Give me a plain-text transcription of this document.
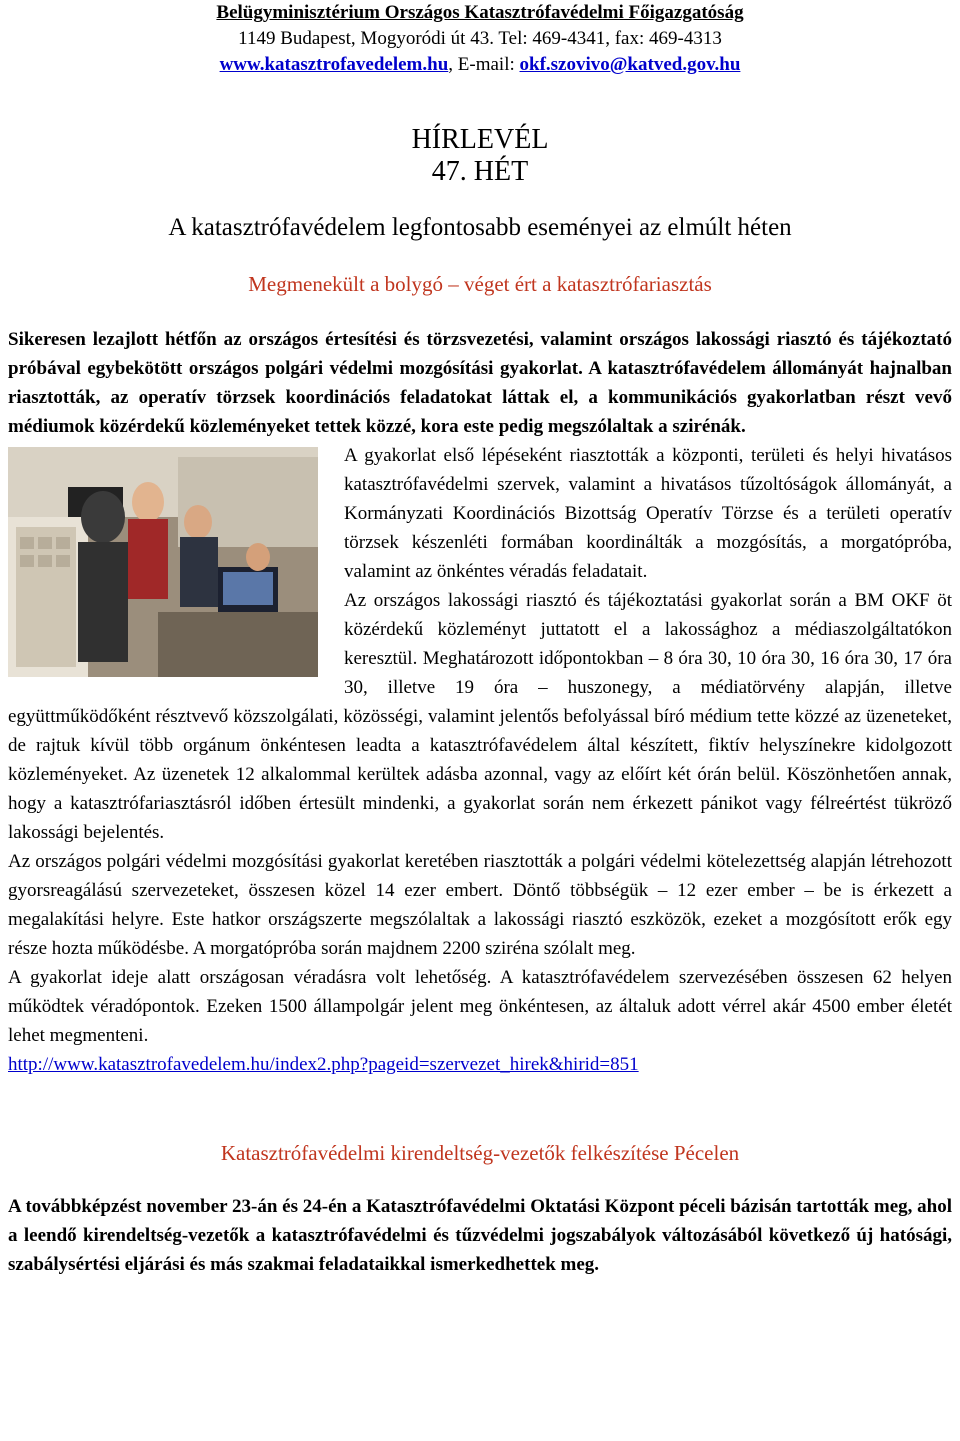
Belügyminisztérium Országos Katasztrófavédelmi Főigazgatóság
1149 Budapest, Mogyoródi út 43. Tel: 469-4341, fax: 469-4313
www.katasztrofavedelem.hu, E-mail: okf.szovivo@katved.gov.hu
HÍRLEVÉL
47. HÉT
A katasztrófavédelem legfontosabb eseményei az elmúlt héten
Megmenekült a bolygó – véget ért a katasztrófariasztás

Sikeresen lezajlott hétfőn az országos értesítési és törzsvezetési, valamint országos lakossági riasztó és tájékoztató próbával egybekötött országos polgári védelmi mozgósítási gyakorlat. A katasztrófavédelem állományát hajnalban riasztották, az operatív törzsek koordinációs feladatokat láttak el, a kommunikációs gyakorlatban részt vevő médiumok közérdekű közleményeket tettek közzé, kora este pedig megszólaltak a szirénák.

A gyakorlat első lépéseként riasztották a központi, területi és helyi hivatásos katasztrófavédelmi szervek, valamint a hivatásos tűzoltóságok állományát, a Kormányzati Koordinációs Bizottság Operatív Törzse és a területi operatív törzsek készenléti formában koordinálták a mozgósítás, a morgatópróba, valamint az önkéntes véradás feladatait.

Az országos lakossági riasztó és tájékoztatási gyakorlat során a BM OKF öt közérdekű közleményt juttatott el a lakossághoz a médiaszolgáltatókon keresztül. Meghatározott időpontokban – 8 óra 30, 10 óra 30, 16 óra 30, 17 óra 30, illetve 19 óra – huszonegy, a médiatörvény alapján, illetve együttműködőként résztvevő közszolgálati, közösségi, valamint jelentős befolyással bíró médium tette közzé az üzeneteket, de rajtuk kívül több orgánum önkéntesen leadta a katasztrófavédelem által készített, fiktív helyszínekre kidolgozott közleményeket. Az üzenetek 12 alkalommal kerültek adásba azonnal, vagy az előírt két órán belül. Köszönhetően annak, hogy a katasztrófariasztásról időben értesült mindenki, a gyakorlat során nem érkezett pánikot vagy félreértést tükröző lakossági bejelentés.

Az országos polgári védelmi mozgósítási gyakorlat keretében riasztották a polgári védelmi kötelezettség alapján létrehozott gyorsreagálású szervezeteket, összesen közel 14 ezer embert. Döntő többségük – 12 ezer ember – be is érkezett a megalakítási helyre. Este hatkor országszerte megszólaltak a lakossági riasztó eszközök, ezeket a mozgósított erők egy része hozta működésbe. A morgatópróba során majdnem 2200 sziréna szólalt meg.

A gyakorlat ideje alatt országosan véradásra volt lehetőség. A katasztrófavédelem szervezésében összesen 62 helyen működtek véradópontok. Ezeken 1500 állampolgár jelent meg önkéntesen, az általuk adott vérrel akár 4500 ember életét lehet megmenteni.

http://www.katasztrofavedelem.hu/index2.php?pageid=szervezet_hirek&hirid=851

Katasztrófavédelmi kirendeltség-vezetők felkészítése Pécelen

A továbbképzést november 23-án és 24-én a Katasztrófavédelmi Oktatási Központ péceli bázisán tartották meg, ahol a leendő kirendeltség-vezetők a katasztrófavédelmi és tűzvédelmi jogszabályok változásából következő új hatósági, szabálysértési eljárási és más szakmai feladataikkal ismerkedhettek meg.
